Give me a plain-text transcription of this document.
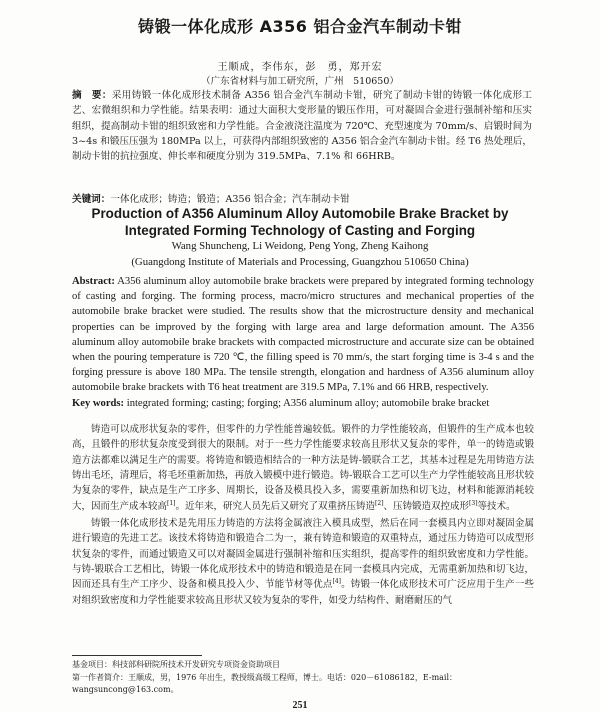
铸锻一体化成形 A356 铝合金汽车制动卡钳
王顺成，李伟东，彭　勇，郑开宏
（广东省材料与加工研究所，广州　510650）
摘　要：采用铸锻一体化成形技术制备 A356 铝合金汽车制动卡钳，研究了制动卡钳的铸锻一体化成形工艺、宏微组织和力学性能。结果表明：通过大面积大变形量的锻压作用，可对凝固合金进行强制补缩和压实组织，提高制动卡钳的组织致密和力学性能。合金液浇注温度为 720℃、充型速度为 70mm/s、启锻时间为 3~4s 和锻压压强为 180MPa 以上，可获得内部组织致密的 A356 铝合金汽车制动卡钳。经 T6 热处理后，制动卡钳的抗拉强度、伸长率和硬度分别为 319.5MPa、7.1% 和 66HRB。
关键词：一体化成形；铸造；锻造；A356 铝合金；汽车制动卡钳
Production of A356 Aluminum Alloy Automobile Brake Bracket by
Integrated Forming Technology of Casting and Forging
Wang Shuncheng, Li Weidong, Peng Yong, Zheng Kaihong
(Guangdong Institute of Materials and Processing, Guangzhou 510650 China)
Abstract: A356 aluminum alloy automobile brake brackets were prepared by integrated forming technology of casting and forging. The forming process, macro/micro structures and mechanical properties of the automobile brake bracket were studied. The results show that the microstructure density and mechanical properties can be improved by the forging with large area and large deformation amount. The A356 aluminum alloy automobile brake brackets with compacted microstructure and accurate size can be obtained when the pouring temperature is 720 ℃, the filling speed is 70 mm/s, the start forging time is 3-4 s and the forging pressure is above 180 MPa. The tensile strength, elongation and hardness of A356 aluminum alloy automobile brake brackets with T6 heat treatment are 319.5 MPa, 7.1% and 66 HRB, respectively.
Key words: integrated forming; casting; forging; A356 aluminum alloy; automobile brake bracket

铸造可以成形状复杂的零件，但零件的力学性能普遍较低。锻件的力学性能较高，但锻件的生产成本也较高，且锻件的形状复杂度受到很大的限制。对于一些力学性能要求较高且形状又复杂的零件，单一的铸造或锻造方法都难以满足生产的需要。将铸造和锻造相结合的一种方法是铸-锻联合工艺，其基本过程是先用铸造方法铸出毛坯，清理后，将毛坯重新加热，再放入锻模中进行锻造。铸-锻联合工艺可以生产力学性能较高且形状较为复杂的零件，缺点是生产工序多、周期长，设备及模具投入多，需要重新加热和切飞边，材料和能源消耗较大，因而生产成本较高[1]。近年来，研究人员先后又研究了双重挤压铸造[2]、压铸锻造双控成形[3]等技术。

铸锻一体化成形技术是先用压力铸造的方法将金属液注入模具成型，然后在同一套模具内立即对凝固金属进行锻造的先进工艺。该技术将铸造和锻造合二为一，兼有铸造和锻造的双重特点，通过压力铸造可以成型形状复杂的零件，而通过锻造又可以对凝固金属进行强制补缩和压实组织，提高零件的组织致密度和力学性能。与铸-锻联合工艺相比，铸锻一体化成形技术中的铸造和锻造是在同一套模具内完成，无需重新加热和切飞边，因而还具有生产工序少、设备和模具投入少、节能节材等优点[4]。铸锻一体化成形技术可广泛应用于生产一些对组织致密度和力学性能要求较高且形状又较为复杂的零件，如受力结构件、耐磨耐压的气

基金项目：科技部科研院所技术开发研究专项资金资助项目
第一作者简介：王顺成，男，1976 年出生，教授级高级工程师，博士。电话：020－61086182，E-mail：
wangsuncong@163.com。
251
